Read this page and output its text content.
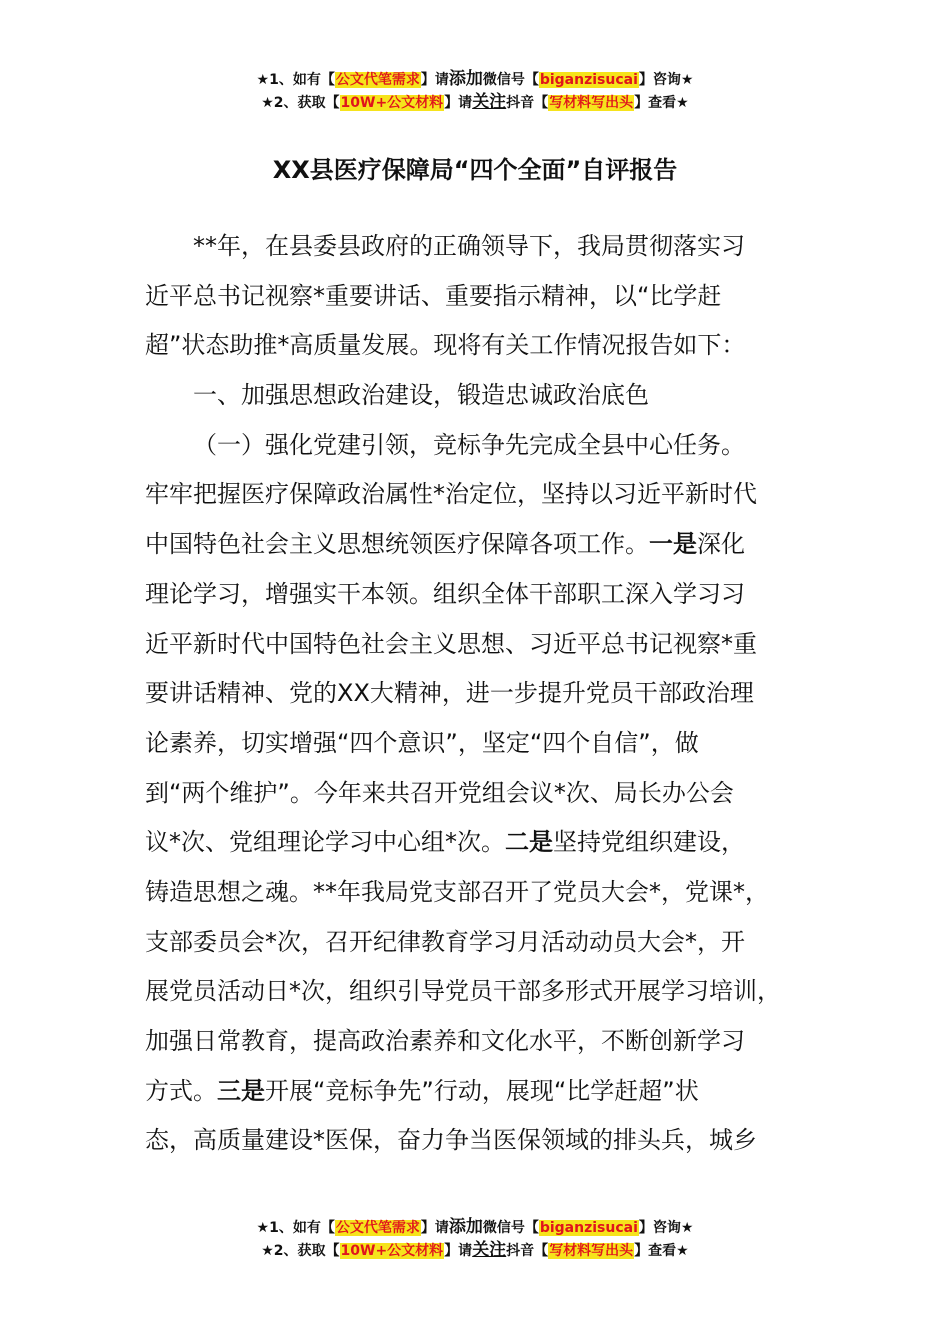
★1、如有【公文代笔需求】请添加微信号【biganzisucai】咨询★
★2、获取【10W+公文材料】请关注抖音【写材料写出头】查看★
XX县医疗保障局“四个全面”自评报告
**年，在县委县政府的正确领导下，我局贯彻落实习
近平总书记视察*重要讲话、重要指示精神，以“比学赶
超”状态助推*高质量发展。现将有关工作情况报告如下：
一、加强思想政治建设，锻造忠诚政治底色
（一）强化党建引领，竞标争先完成全县中心任务。
牢牢把握医疗保障政治属性*治定位，坚持以习近平新时代
中国特色社会主义思想统领医疗保障各项工作。一是深化
理论学习，增强实干本领。组织全体干部职工深入学习习
近平新时代中国特色社会主义思想、习近平总书记视察*重
要讲话精神、党的XX大精神，进一步提升党员干部政治理
论素养，切实增强“四个意识”，坚定“四个自信”，做
到“两个维护”。今年来共召开党组会议*次、局长办公会
议*次、党组理论学习中心组*次。二是坚持党组织建设，
铸造思想之魂。**年我局党支部召开了党员大会*，党课*，
支部委员会*次，召开纪律教育学习月活动动员大会*，开
展党员活动日*次，组织引导党员干部多形式开展学习培训，
加强日常教育，提高政治素养和文化水平，不断创新学习
方式。三是开展“竞标争先”行动，展现“比学赶超”状
态，高质量建设*医保，奋力争当医保领域的排头兵，城乡
★1、如有【公文代笔需求】请添加微信号【biganzisucai】咨询★
★2、获取【10W+公文材料】请关注抖音【写材料写出头】查看★
